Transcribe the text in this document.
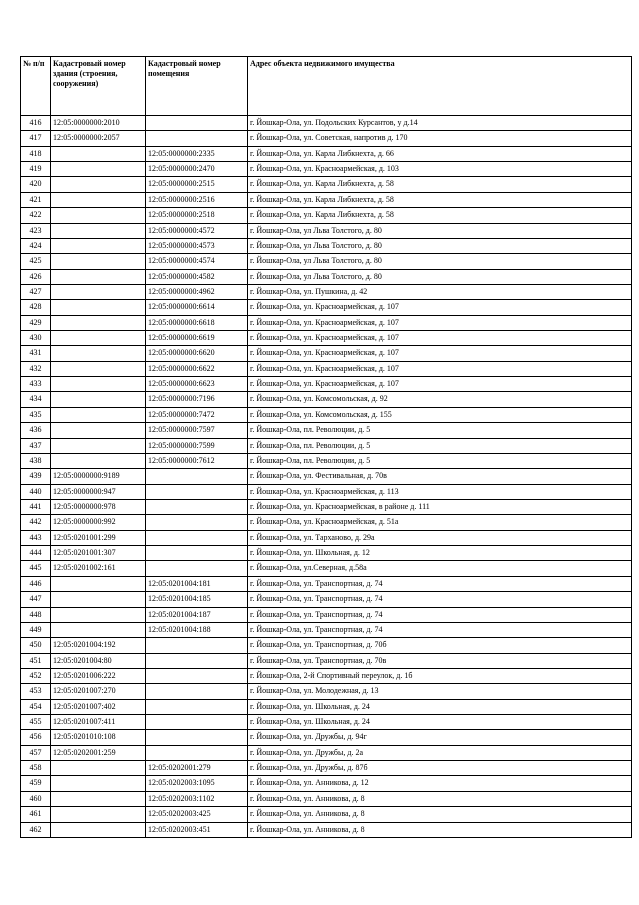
№ п/п	Кадастровый номер здания (строения, сооружения)	Кадастровый номер помещения	Адрес объекта недвижимого имущества
416	12:05:0000000:2010		г. Йошкар-Ола, ул. Подольских Курсантов, у д.14
417	12:05:0000000:2057		г. Йошкар-Ола, ул. Советская, напротив д. 170
418		12:05:0000000:2335	г. Йошкар-Ола, ул. Карла Либкнехта, д. 66
419		12:05:0000000:2470	г. Йошкар-Ола, ул. Красноармейская, д. 103
420		12:05:0000000:2515	г. Йошкар-Ола, ул. Карла Либкнехта, д. 58
421		12:05:0000000:2516	г. Йошкар-Ола, ул. Карла Либкнехта, д. 58
422		12:05:0000000:2518	г. Йошкар-Ола, ул. Карла Либкнехта, д. 58
423		12:05:0000000:4572	г. Йошкар-Ола, ул Льва Толстого, д. 80
424		12:05:0000000:4573	г. Йошкар-Ола, ул Льва Толстого, д. 80
425		12:05:0000000:4574	г. Йошкар-Ола, ул Льва Толстого, д. 80
426		12:05:0000000:4582	г. Йошкар-Ола, ул Льва Толстого, д. 80
427		12:05:0000000:4962	г. Йошкар-Ола, ул. Пушкина, д. 42
428		12:05:0000000:6614	г. Йошкар-Ола, ул. Красноармейская, д. 107
429		12:05:0000000:6618	г. Йошкар-Ола, ул. Красноармейская, д. 107
430		12:05:0000000:6619	г. Йошкар-Ола, ул. Красноармейская, д. 107
431		12:05:0000000:6620	г. Йошкар-Ола, ул. Красноармейская, д. 107
432		12:05:0000000:6622	г. Йошкар-Ола, ул. Красноармейская, д. 107
433		12:05:0000000:6623	г. Йошкар-Ола, ул. Красноармейская, д. 107
434		12:05:0000000:7196	г. Йошкар-Ола, ул. Комсомольская, д. 92
435		12:05:0000000:7472	г. Йошкар-Ола, ул. Комсомольская, д. 155
436		12:05:0000000:7597	г. Йошкар-Ола, пл. Революции, д. 5
437		12:05:0000000:7599	г. Йошкар-Ола, пл. Революции, д. 5
438		12:05:0000000:7612	г. Йошкар-Ола, пл. Революции, д. 5
439	12:05:0000000:9189		г. Йошкар-Ола, ул. Фестивальная, д. 70в
440	12:05:0000000:947		г. Йошкар-Ола, ул. Красноармейская, д. 113
441	12:05:0000000:978		г. Йошкар-Ола, ул. Красноармейская, в районе д. 111
442	12:05:0000000:992		г. Йошкар-Ола, ул. Красноармейская, д. 51а
443	12:05:0201001:299		г. Йошкар-Ола, ул. Тарханово, д. 29а
444	12:05:0201001:307		г. Йошкар-Ола, ул. Школьная, д. 12
445	12:05:0201002:161		г. Йошкар-Ола, ул.Северная, д.58а
446		12:05:0201004:181	г. Йошкар-Ола, ул. Транспортная, д. 74
447		12:05:0201004:185	г. Йошкар-Ола, ул. Транспортная, д. 74
448		12:05:0201004:187	г. Йошкар-Ола, ул. Транспортная, д. 74
449		12:05:0201004:188	г. Йошкар-Ола, ул. Транспортная, д. 74
450	12:05:0201004:192		г. Йошкар-Ола, ул. Транспортная, д. 70б
451	12:05:0201004:80		г. Йошкар-Ола, ул. Транспортная, д. 70в
452	12:05:0201006:222		г. Йошкар-Ола, 2-й Спортивный переулок, д. 1б
453	12:05:0201007:270		г. Йошкар-Ола, ул. Молодежная, д. 13
454	12:05:0201007:402		г. Йошкар-Ола, ул. Школьная, д. 24
455	12:05:0201007:411		г. Йошкар-Ола, ул. Школьная, д. 24
456	12:05:0201010:108		г. Йошкар-Ола, ул. Дружбы, д. 94г
457	12:05:0202001:259		г. Йошкар-Ола, ул. Дружбы, д. 2а
458		12:05:0202001:279	г. Йошкар-Ола, ул. Дружбы, д. 87б
459		12:05:0202003:1095	г. Йошкар-Ола, ул. Анникова, д. 12
460		12:05:0202003:1102	г. Йошкар-Ола, ул. Анникова, д. 8
461		12:05:0202003:425	г. Йошкар-Ола, ул. Анникова, д. 8
462		12:05:0202003:451	г. Йошкар-Ола, ул. Анникова, д. 8
